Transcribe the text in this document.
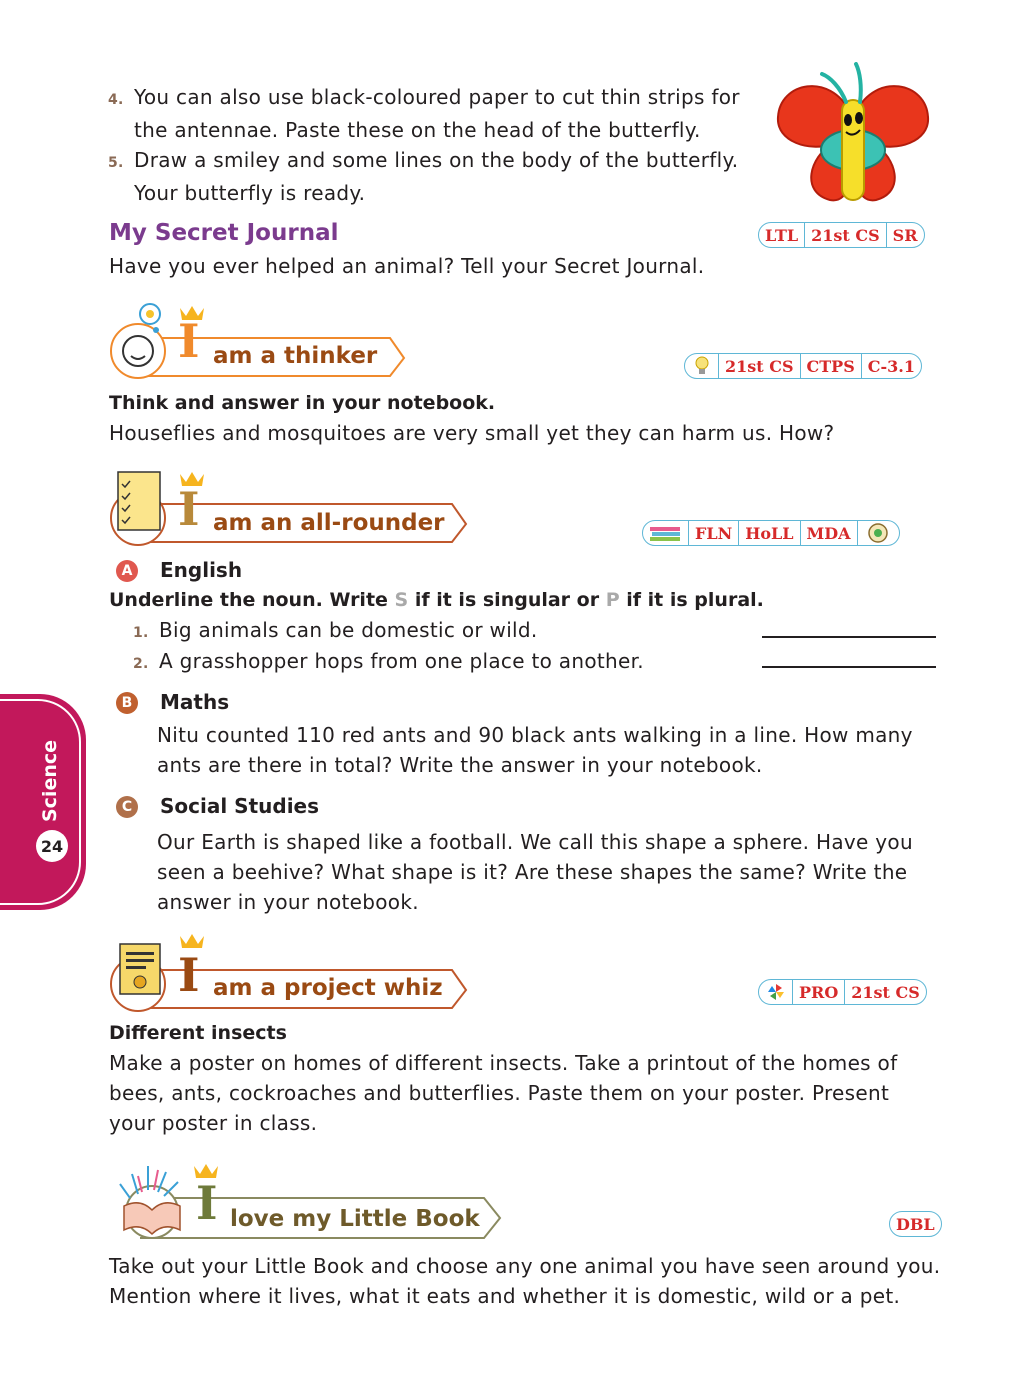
4. You can also use black-coloured paper to cut thin strips for
the antennae. Paste these on the head of the butterfly.
5. Draw a smiley and some lines on the body of the butterfly.
Your butterfly is ready.
My Secret Journal	LTL 21st CS SR
Have you ever helped an animal? Tell your Secret Journal.
I am a thinker	21st CS CTPS C-3.1
Think and answer in your notebook.
Houseflies and mosquitoes are very small yet they can harm us. How?
I am an all-rounder	FLN HoLL MDA
A English
Underline the noun. Write S if it is singular or P if it is plural.
1. Big animals can be domestic or wild.
2. A grasshopper hops from one place to another.
B Maths
Nitu counted 110 red ants and 90 black ants walking in a line. How many
ants are there in total? Write the answer in your notebook.
C Social Studies
Our Earth is shaped like a football. We call this shape a sphere. Have you
seen a beehive? What shape is it? Are these shapes the same? Write the
answer in your notebook.
Science
24
I am a project whiz	PRO 21st CS
Different insects
Make a poster on homes of different insects. Take a printout of the homes of
bees, ants, cockroaches and butterflies. Paste them on your poster. Present
your poster in class.
I love my Little Book	DBL
Take out your Little Book and choose any one animal you have seen around you.
Mention where it lives, what it eats and whether it is domestic, wild or a pet.
